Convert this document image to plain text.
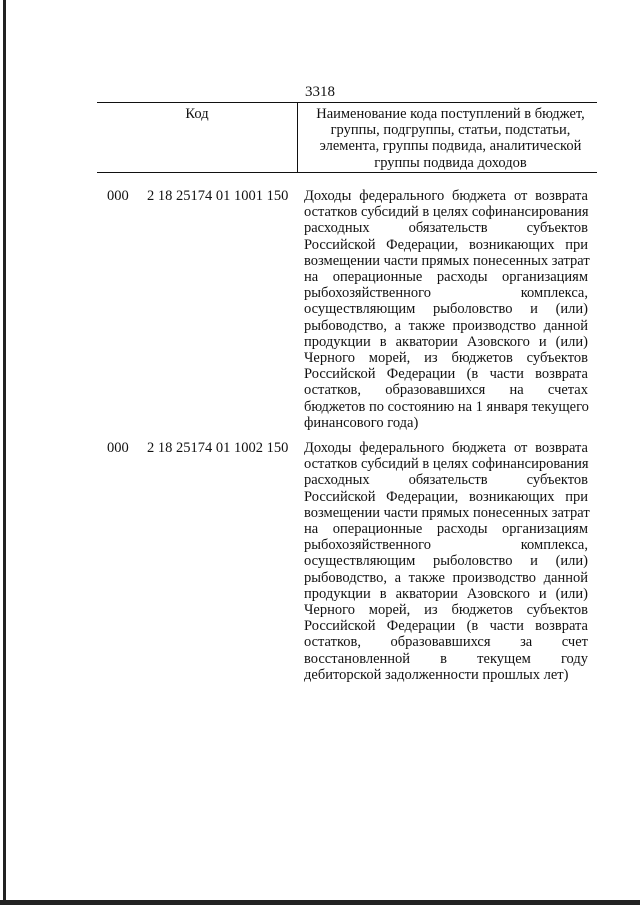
3318
Код	Наименование кода поступлений в бюджет,
группы, подгруппы, статьи, подстатьи,
элемента, группы подвида, аналитической
группы подвида доходов
000 2 18 25174 01 1001 150 Доходы федерального бюджета от возврата
остатков субсидий в целях софинансирования
расходных обязательств субъектов
Российской Федерации, возникающих при
возмещении части прямых понесенных затрат
на операционные расходы организациям
рыбохозяйственного комплекса,
осуществляющим рыболовство и (или)
рыбоводство, а также производство данной
продукции в акватории Азовского и (или)
Черного морей, из бюджетов субъектов
Российской Федерации (в части возврата
остатков, образовавшихся на счетах
бюджетов по состоянию на 1 января текущего
финансового года)
000 2 18 25174 01 1002 150 Доходы федерального бюджета от возврата
остатков субсидий в целях софинансирования
расходных обязательств субъектов
Российской Федерации, возникающих при
возмещении части прямых понесенных затрат
на операционные расходы организациям
рыбохозяйственного комплекса,
осуществляющим рыболовство и (или)
рыбоводство, а также производство данной
продукции в акватории Азовского и (или)
Черного морей, из бюджетов субъектов
Российской Федерации (в части возврата
остатков, образовавшихся за счет
восстановленной в текущем году
дебиторской задолженности прошлых лет)
